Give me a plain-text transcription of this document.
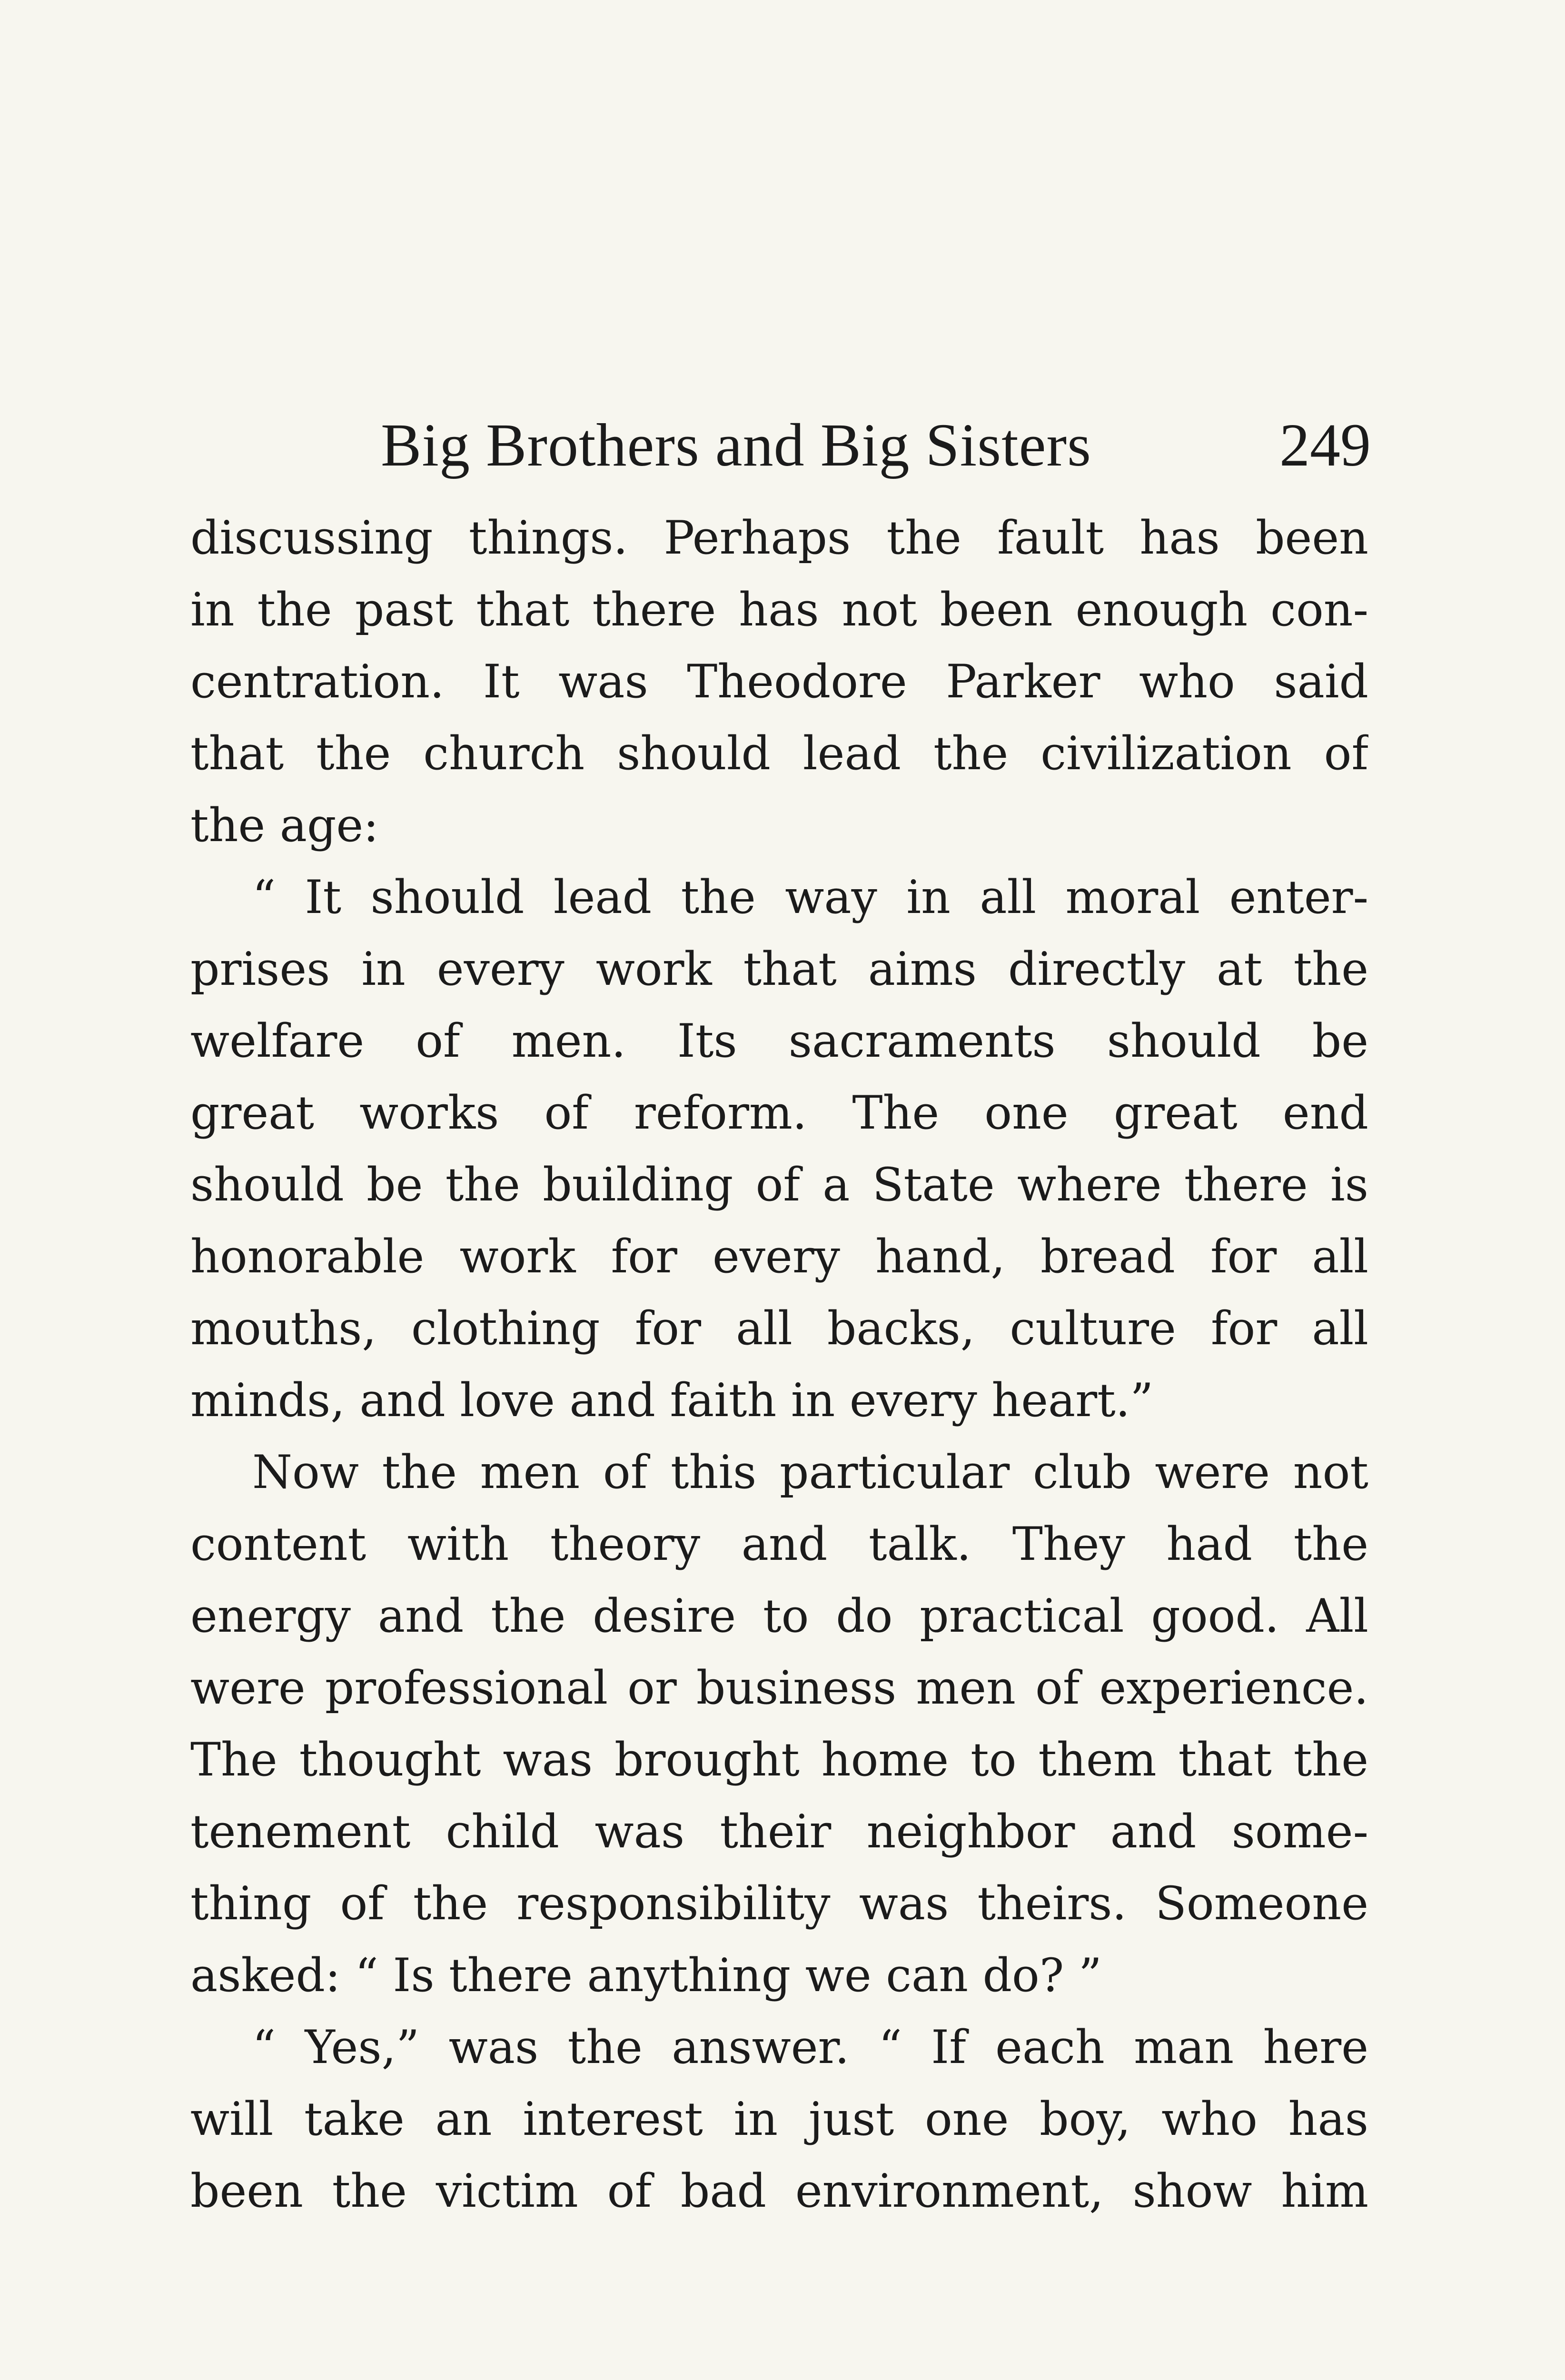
Big Brothers and Big Sisters	249
discussing things. Perhaps the fault has been
in the past that there has not been enough con-
centration. It was Theodore Parker who said
that the church should lead the civilization of
the age:
“ It should lead the way in all moral enter-
prises in every work that aims directly at the
welfare of men. Its sacraments should be
great works of reform. The one great end
should be the building of a State where there is
honorable work for every hand, bread for all
mouths, clothing for all backs, culture for all
minds, and love and faith in every heart.”
Now the men of this particular club were not
content with theory and talk. They had the
energy and the desire to do practical good. All
were professional or business men of experience.
The thought was brought home to them that the
tenement child was their neighbor and some-
thing of the responsibility was theirs. Someone
asked: “ Is there anything we can do? ”
“ Yes,” was the answer. “ If each man here
will take an interest in just one boy, who has
been the victim of bad environment, show him
